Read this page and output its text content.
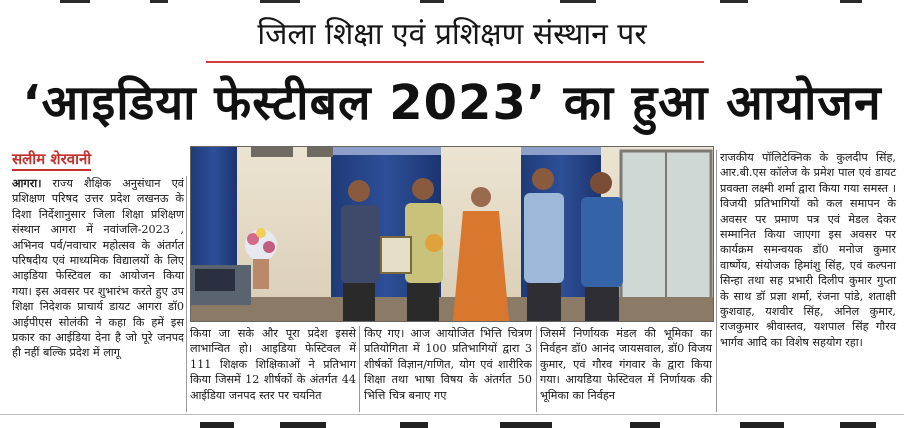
जिला शिक्षा एवं प्रशिक्षण संस्थान पर
‘आइडिया फेस्टीबल 2023’ का हुआ आयोजन
सलीम शेरवानी
आगरा। राज्य शैक्षिक अनुसंधान एवं प्रशिक्षण परिषद उत्तर प्रदेश लखनऊ के दिशा निर्देशानुसार जिला शिक्षा प्रशिक्षण संस्थान आगरा में नवांजलि-2023 , अभिनव पर्व/नवाचार महोत्सव के अंतर्गत परिषदीय एवं माध्यमिक विद्यालयों के लिए आइडिया फेस्टिवल का आयोजन किया गया। इस अवसर पर शुभारंभ करते हुए उप शिक्षा निदेशक प्राचार्य डायट आगरा डॉ0 आईपीएस सोलंकी ने कहा कि हमें इस प्रकार का आईडिया देना है जो पूरे जनपद ही नहीं बल्कि प्रदेश में लागू
किया जा सके और पूरा प्रदेश इससे लाभान्वित हो। आइडिया फेस्टिवल में 111 शिक्षक शिक्षिकाओं ने प्रतिभाग किया जिसमें 12 शीर्षकों के अंतर्गत 44 आईडिया जनपद स्तर पर चयनित
किए गए। आज आयोजित भित्ति चित्रण प्रतियोगिता में 100 प्रतिभागियों द्वारा 3 शीर्षकों विज्ञान/गणित, योग एवं शारीरिक शिक्षा तथा भाषा विषय के अंतर्गत 50 भित्ति चित्र बनाए गए
जिसमें निर्णायक मंडल की भूमिका का निर्वहन डॉ0 आनंद जायसवाल, डॉ0 विजय कुमार, एवं गौरव गंगवार के द्वारा किया गया। आयडिया फेस्टिवल में निर्णायक की भूमिका का निर्वहन
राजकीय पॉलिटेक्निक के कुलदीप सिंह, आर.बी.एस कॉलेज के प्रमेश पाल एवं डायट प्रवक्ता लक्ष्मी शर्मा द्वारा किया गया समस्त । विजयी प्रतिभागियों को कल समापन के अवसर पर प्रमाण पत्र एवं मेडल देकर सम्मानित किया जाएगा इस अवसर पर कार्यक्रम समन्वयक डॉ0 मनोज कुमार वार्ष्णेय, संयोजक हिमांशु सिंह, एवं कल्पना सिन्हा तथा सह प्रभारी दिलीप कुमार गुप्ता के साथ डॉ प्रज्ञा शर्मा, रंजना पांडे, शताक्षी कुशवाह, यशवीर सिंह, अनिल कुमार, राजकुमार श्रीवास्तव, यशपाल सिंह गौरव भार्गव आदि का विशेष सहयोग रहा।
